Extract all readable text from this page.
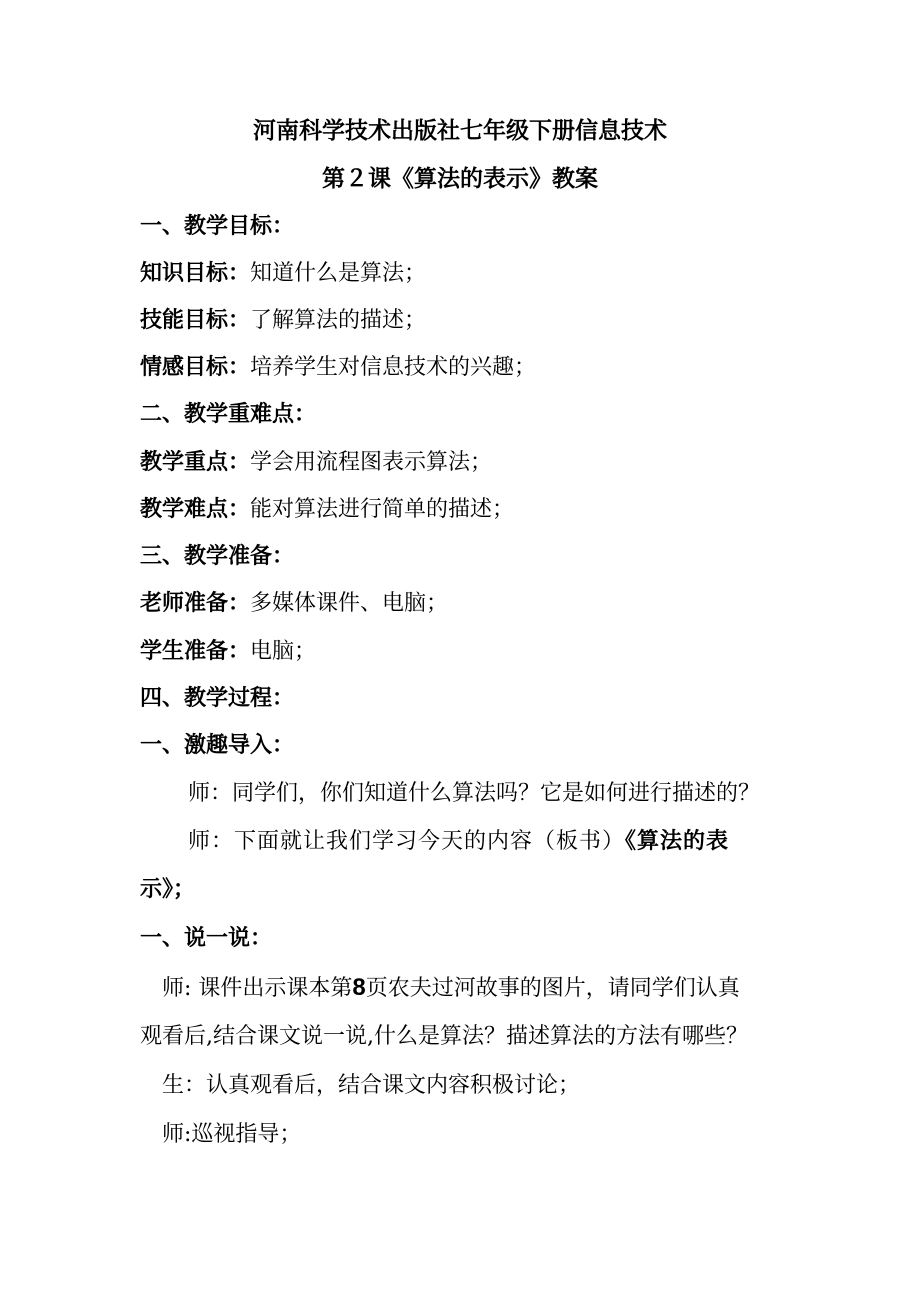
河南科学技术出版社七年级下册信息技术
第２课《算法的表示》教案
一、教学目标：
知识目标：知道什么是算法；
技能目标：了解算法的描述；
情感目标：培养学生对信息技术的兴趣；
二、教学重难点：
教学重点：学会用流程图表示算法；
教学难点：能对算法进行简单的描述；
三、教学准备：
老师准备：多媒体课件、电脑；
学生准备：电脑；
四、教学过程：
一、激趣导入：
师：同学们，你们知道什么算法吗？它是如何进行描述的？
师：下面就让我们学习今天的内容（板书）《算法的表
示》；
一、说一说：
师: 课件出示课本第8页农夫过河故事的图片，请同学们认真
观看后,结合课文说一说,什么是算法？描述算法的方法有哪些？
生：认真观看后，结合课文内容积极讨论；
师:巡视指导；
